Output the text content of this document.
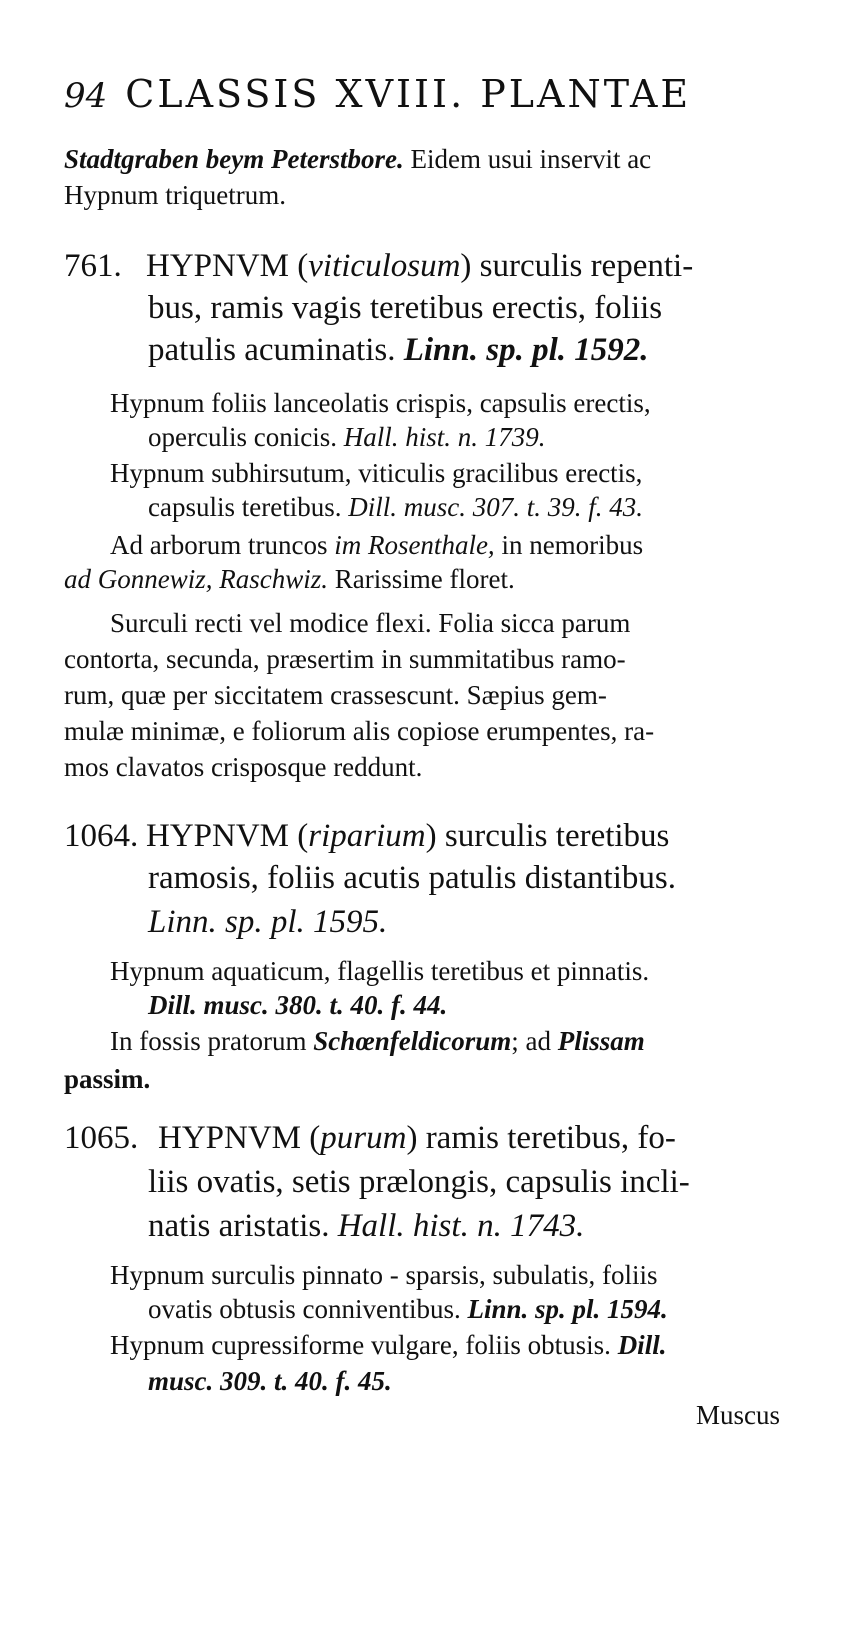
94 CLASSIS XVIII. PLANTAE
Stadtgraben beym Peterstbore. Eidem usui inservit ac
Hypnum triquetrum.
761. HYPNVM (viticulosum) surculis repenti-
bus, ramis vagis teretibus erectis, foliis
patulis acuminatis. Linn. sp. pl. 1592.
Hypnum foliis lanceolatis crispis, capsulis erectis,
operculis conicis. Hall. hist. n. 1739.
Hypnum subhirsutum, viticulis gracilibus erectis,
capsulis teretibus. Dill. musc. 307. t. 39. f. 43.
Ad arborum truncos im Rosenthale, in nemoribus
ad Gonnewiz, Raschwiz. Rarissime floret.
Surculi recti vel modice flexi. Folia sicca parum
contorta, secunda, præsertim in summitatibus ramo-
rum, quæ per siccitatem crassescunt. Sæpius gem-
mulæ minimæ, e foliorum alis copiose erumpentes, ra-
mos clavatos crisposque reddunt.
1064. HYPNVM (riparium) surculis teretibus
ramosis, foliis acutis patulis distantibus.
Linn. sp. pl. 1595.
Hypnum aquaticum, flagellis teretibus et pinnatis.
Dill. musc. 380. t. 40. f. 44.
In fossis pratorum Schœnfeldicorum; ad Plissam
passim.
1065. HYPNVM (purum) ramis teretibus, fo-
liis ovatis, setis prælongis, capsulis incli-
natis aristatis. Hall. hist. n. 1743.
Hypnum surculis pinnato - sparsis, subulatis, foliis
ovatis obtusis conniventibus. Linn. sp. pl. 1594.
Hypnum cupressiforme vulgare, foliis obtusis. Dill.
musc. 309. t. 40. f. 45.
Muscus
